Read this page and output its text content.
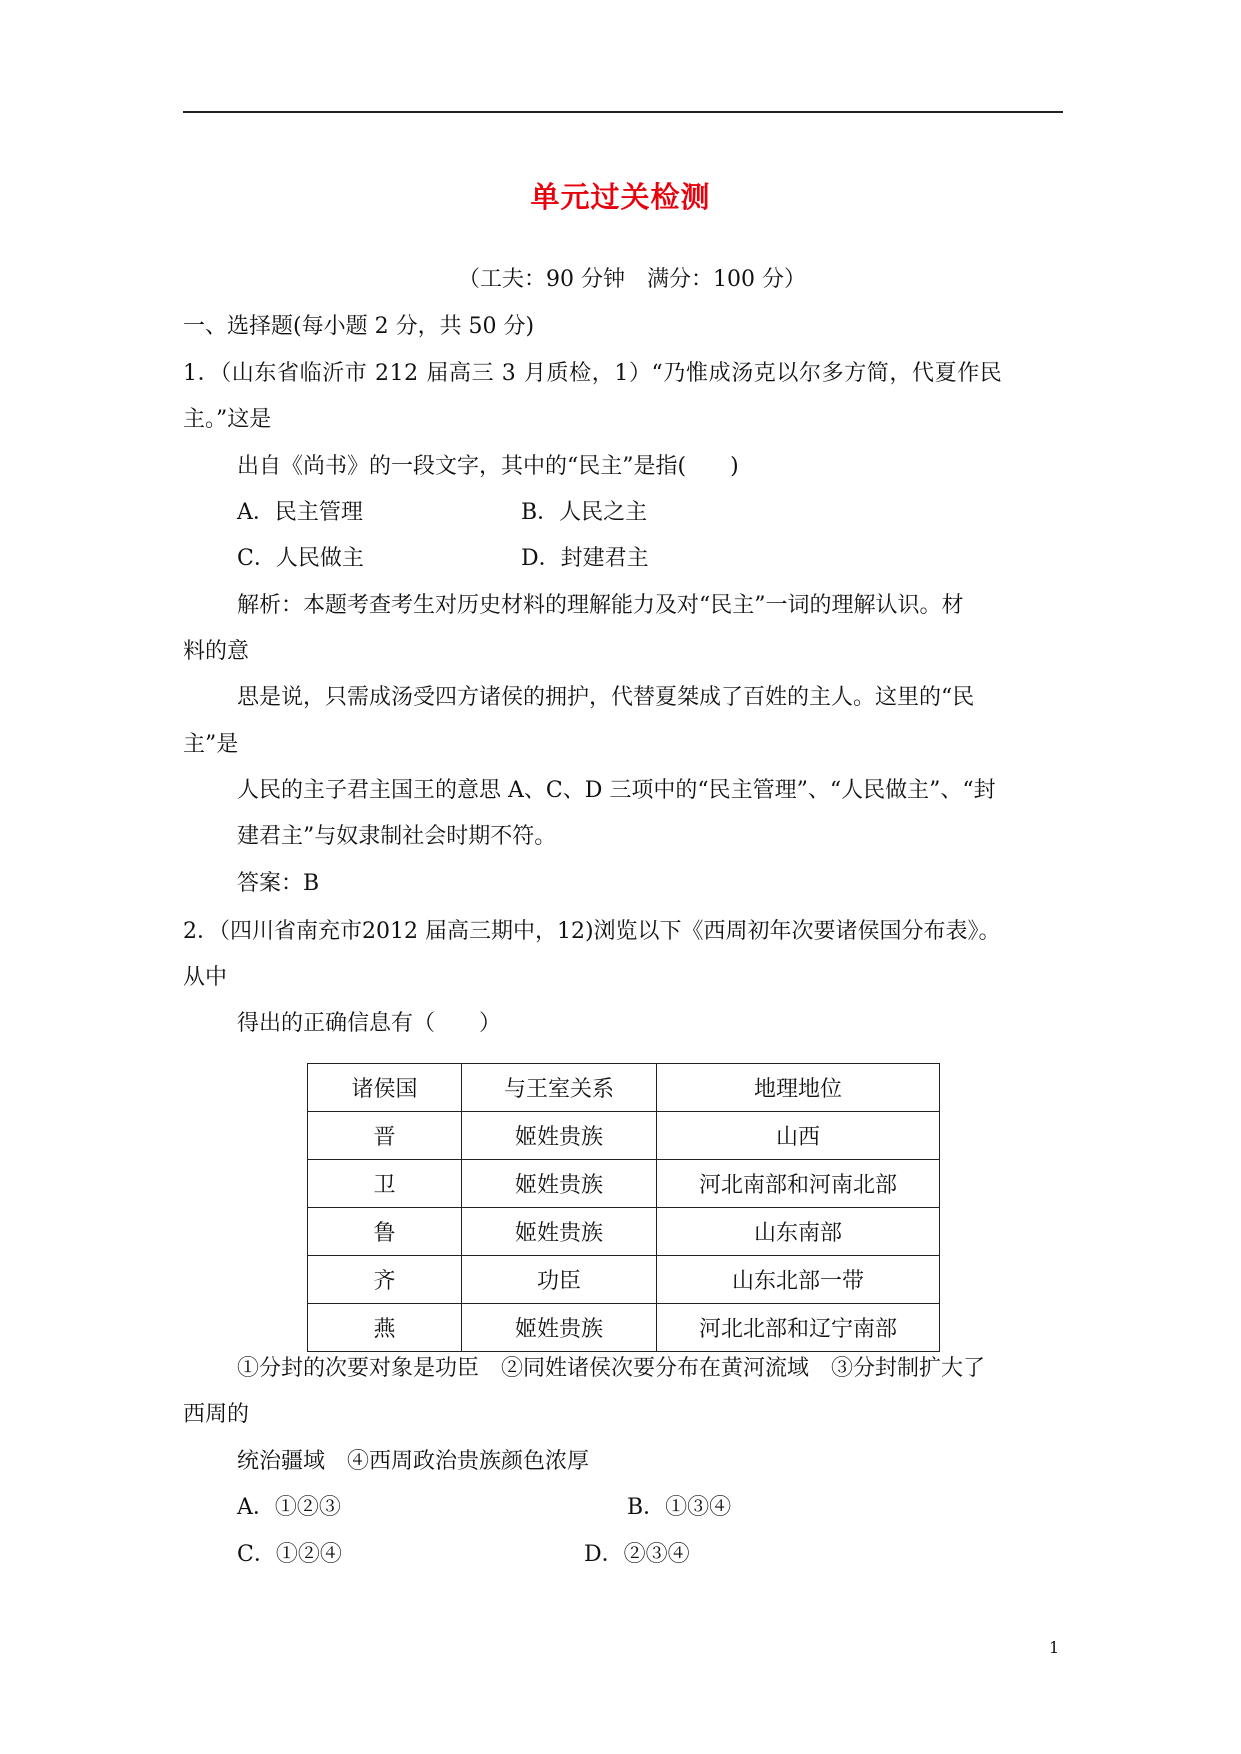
单元过关检测
（工夫：90 分钟　满分：100 分）
一、选择题(每小题 2 分，共 50 分)
1．（山东省临沂市 212 届高三 3 月质检，1）“乃惟成汤克以尔多方简，代夏作民
主。”这是
出自《尚书》的一段文字，其中的“民主”是指(　　)
A．民主管理	B．人民之主
C．人民做主	D．封建君主
解析：本题考查考生对历史材料的理解能力及对“民主”一词的理解认识。材
料的意
思是说，只需成汤受四方诸侯的拥护，代替夏桀成了百姓的主人。这里的“民
主”是
人民的主子君主国王的意思 A、C、D 三项中的“民主管理”、“人民做主”、“封
建君主”与奴隶制社会时期不符。
答案：B
2．（四川省南充市2012 届高三期中，12)浏览以下《西周初年次要诸侯国分布表》。
从中
得出的正确信息有（　　）
诸侯国	与王室关系	地理地位
晋	姬姓贵族	山西
卫	姬姓贵族	河北南部和河南北部
鲁	姬姓贵族	山东南部
齐	功臣	山东北部一带
燕	姬姓贵族	河北北部和辽宁南部
①分封的次要对象是功臣　②同姓诸侯次要分布在黄河流域　③分封制扩大了
西周的
统治疆域　④西周政治贵族颜色浓厚
A．①②③	B．①③④
C．①②④	D．②③④
1
